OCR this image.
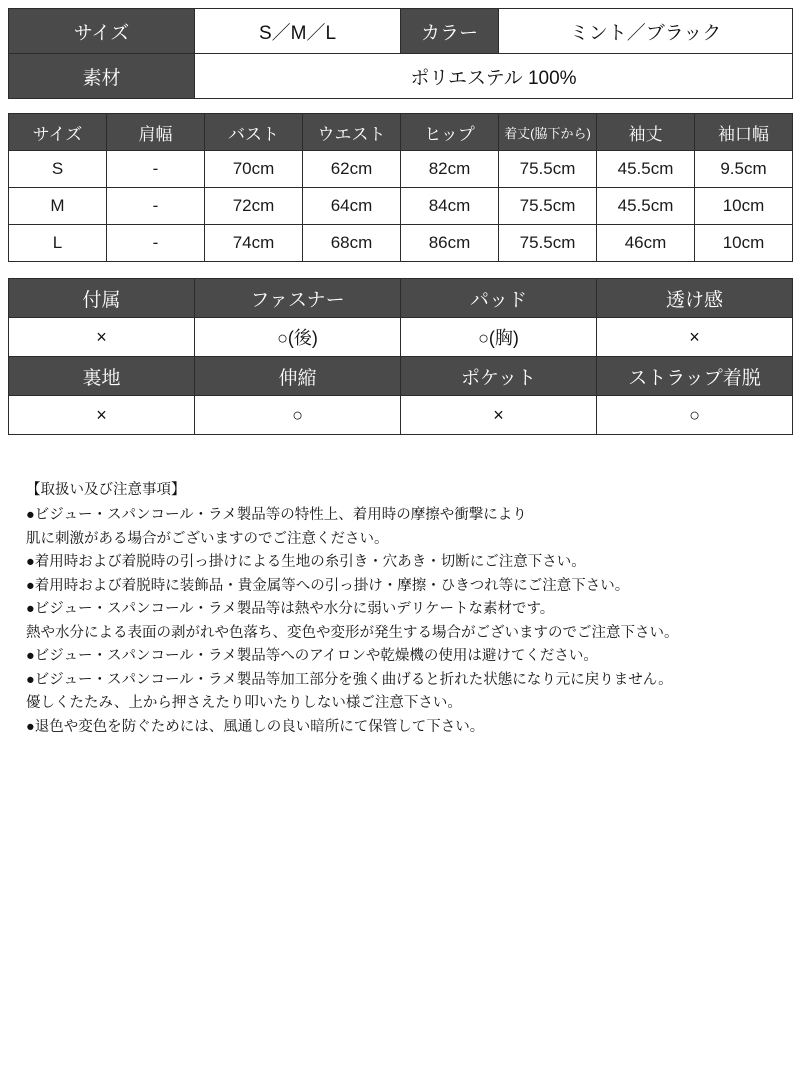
サイズ	S／M／L	カラー	ミント／ブラック
素材	ポリエステル 100%		
サイズ	肩幅	バスト	ウエスト	ヒップ	着丈(脇下から)	袖丈	袖口幅
S	-	70cm	62cm	82cm	75.5cm	45.5cm	9.5cm
M	-	72cm	64cm	84cm	75.5cm	45.5cm	10cm
L	-	74cm	68cm	86cm	75.5cm	46cm	10cm
付属	ファスナー	パッド	透け感
×	○(後)	○(胸)	×
裏地	伸縮	ポケット	ストラップ着脱
×	○	×	○
【取扱い及び注意事項】
●ビジュー・スパンコール・ラメ製品等の特性上、着用時の摩擦や衝撃により
肌に刺激がある場合がございますのでご注意ください。
●着用時および着脱時の引っ掛けによる生地の糸引き・穴あき・切断にご注意下さい。
●着用時および着脱時に装飾品・貴金属等への引っ掛け・摩擦・ひきつれ等にご注意下さい。
●ビジュー・スパンコール・ラメ製品等は熱や水分に弱いデリケートな素材です。
熱や水分による表面の剥がれや色落ち、変色や変形が発生する場合がございますのでご注意下さい。
●ビジュー・スパンコール・ラメ製品等へのアイロンや乾燥機の使用は避けてください。
●ビジュー・スパンコール・ラメ製品等加工部分を強く曲げると折れた状態になり元に戻りません。
優しくたたみ、上から押さえたり叩いたりしない様ご注意下さい。
●退色や変色を防ぐためには、風通しの良い暗所にて保管して下さい。
